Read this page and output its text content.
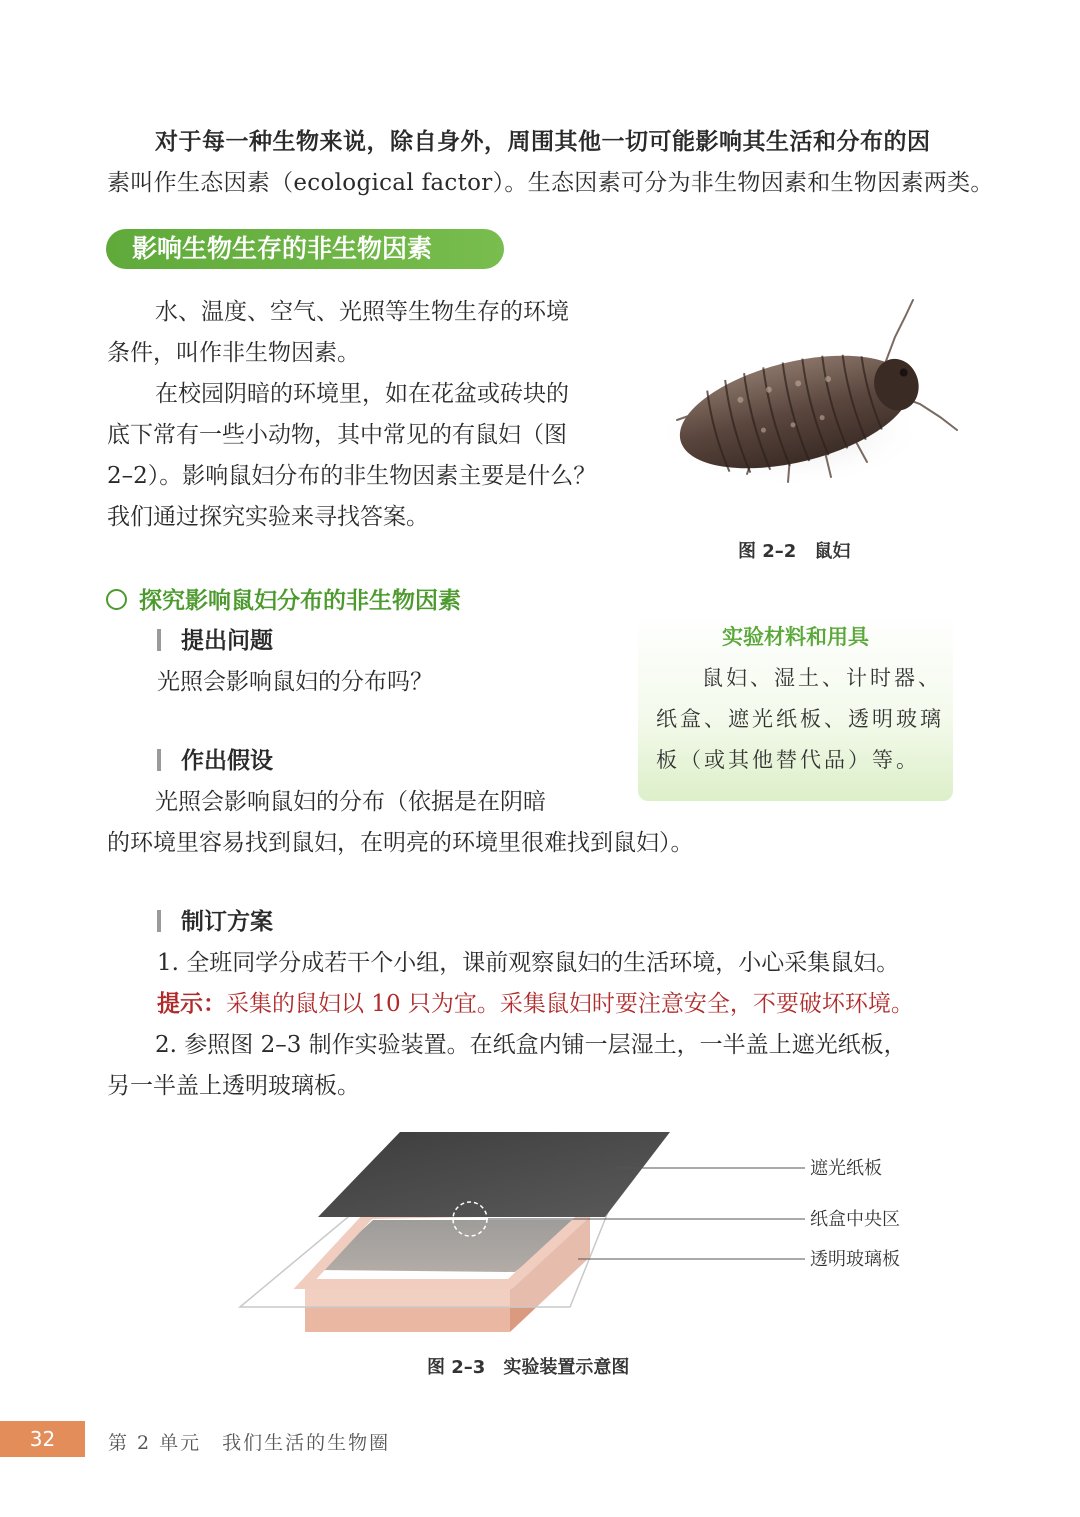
对于每一种生物来说，除自身外，周围其他一切可能影响其生活和分布的因
素叫作生态因素（ecological factor）。生态因素可分为非生物因素和生物因素两类。

影响生物生存的非生物因素

水、温度、空气、光照等生物生存的环境
条件，叫作非生物因素。

在校园阴暗的环境里，如在花盆或砖块的
底下常有一些小动物，其中常见的有鼠妇（图
2–2）。影响鼠妇分布的非生物因素主要是什么？
我们通过探究实验来寻找答案。

图 2–2　鼠妇
探究影响鼠妇分布的非生物因素
提出问题

光照会影响鼠妇的分布吗？

作出假设

光照会影响鼠妇的分布（依据是在阴暗
的环境里容易找到鼠妇，在明亮的环境里很难找到鼠妇）。

实验材料和用具
鼠妇、湿土、计时器、
纸盒、遮光纸板、透明玻璃
板（或其他替代品）等。
制订方案

1. 全班同学分成若干个小组，课前观察鼠妇的生活环境，小心采集鼠妇。

提示：采集的鼠妇以 10 只为宜。采集鼠妇时要注意安全，不要破坏环境。

2. 参照图 2–3 制作实验装置。在纸盒内铺一层湿土，一半盖上遮光纸板，
另一半盖上透明玻璃板。

遮光纸板
纸盒中央区
透明玻璃板
图 2–3　实验装置示意图
32	第 2 单元　我们生活的生物圈
